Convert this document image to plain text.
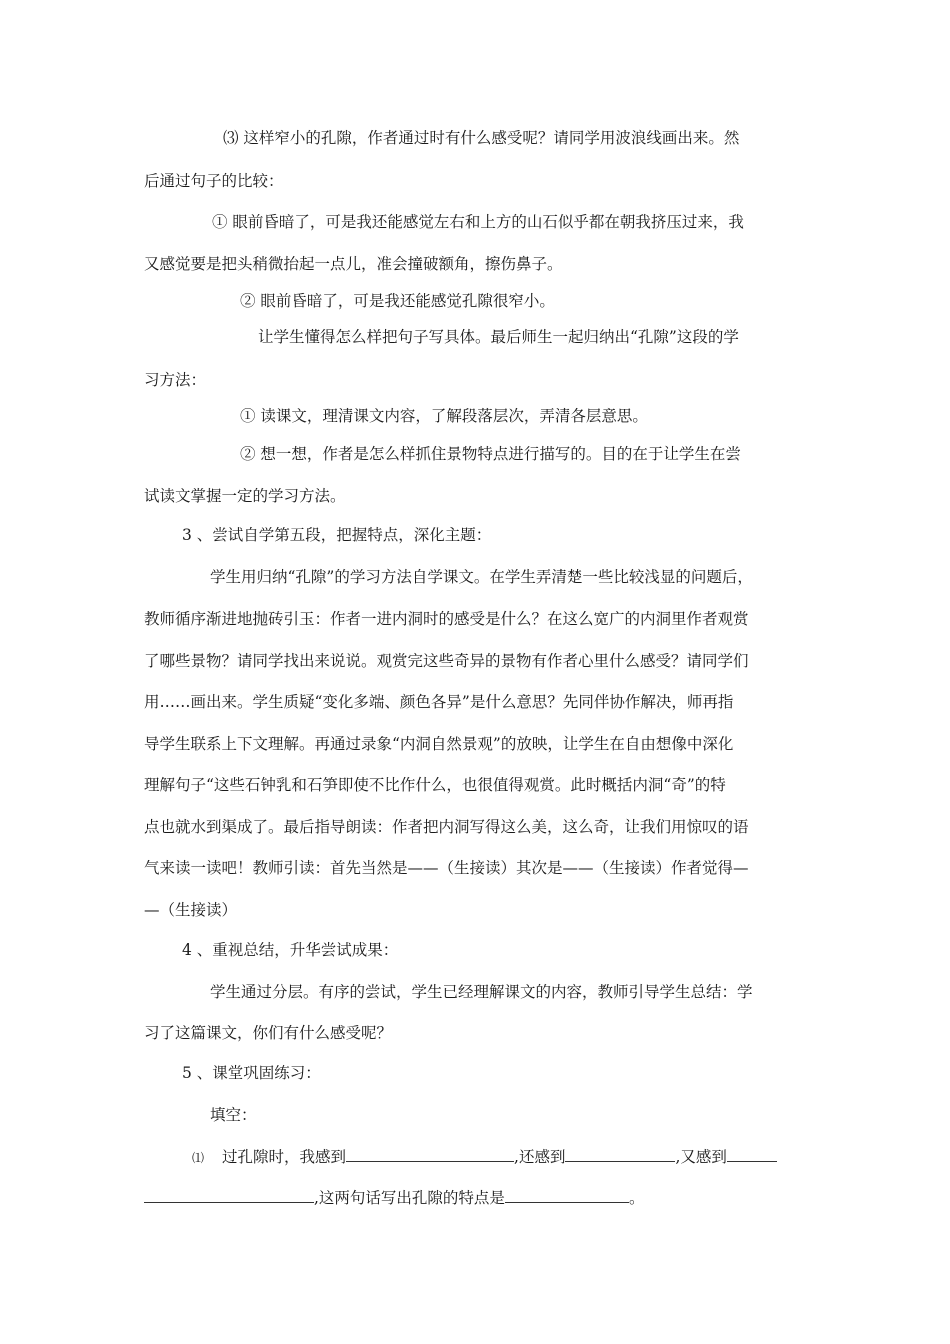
⑶ 这样窄小的孔隙，作者通过时有什么感受呢？请同学用波浪线画出来。然
后通过句子的比较：
① 眼前昏暗了，可是我还能感觉左右和上方的山石似乎都在朝我挤压过来，我
又感觉要是把头稍微抬起一点儿，准会撞破额角，擦伤鼻子。
② 眼前昏暗了，可是我还能感觉孔隙很窄小。
让学生懂得怎么样把句子写具体。最后师生一起归纳出“孔隙”这段的学
习方法：
① 读课文，理清课文内容，了解段落层次，弄清各层意思。
② 想一想，作者是怎么样抓住景物特点进行描写的。目的在于让学生在尝
试读文掌握一定的学习方法。
3 、尝试自学第五段，把握特点，深化主题：
学生用归纳“孔隙”的学习方法自学课文。在学生弄清楚一些比较浅显的问题后，
教师循序渐进地抛砖引玉：作者一进内洞时的感受是什么？在这么宽广的内洞里作者观赏
了哪些景物？请同学找出来说说。观赏完这些奇异的景物有作者心里什么感受？请同学们
用……画出来。学生质疑“变化多端、颜色各异”是什么意思？先同伴协作解决，师再指
导学生联系上下文理解。再通过录象“内洞自然景观”的放映，让学生在自由想像中深化
理解句子“这些石钟乳和石笋即使不比作什么，也很值得观赏。此时概括内洞“奇”的特
点也就水到渠成了。最后指导朗读：作者把内洞写得这么美，这么奇，让我们用惊叹的语
气来读一读吧！教师引读：首先当然是——（生接读）其次是——（生接读）作者觉得—
—（生接读）
4 、重视总结，升华尝试成果：
学生通过分层。有序的尝试，学生已经理解课文的内容，教师引导学生总结：学
习了这篇课文，你们有什么感受呢？
5 、课堂巩固练习：
填空：
⑴ 过孔隙时，我感到	,还感到	,又感到
,这两句话写出孔隙的特点是	。
